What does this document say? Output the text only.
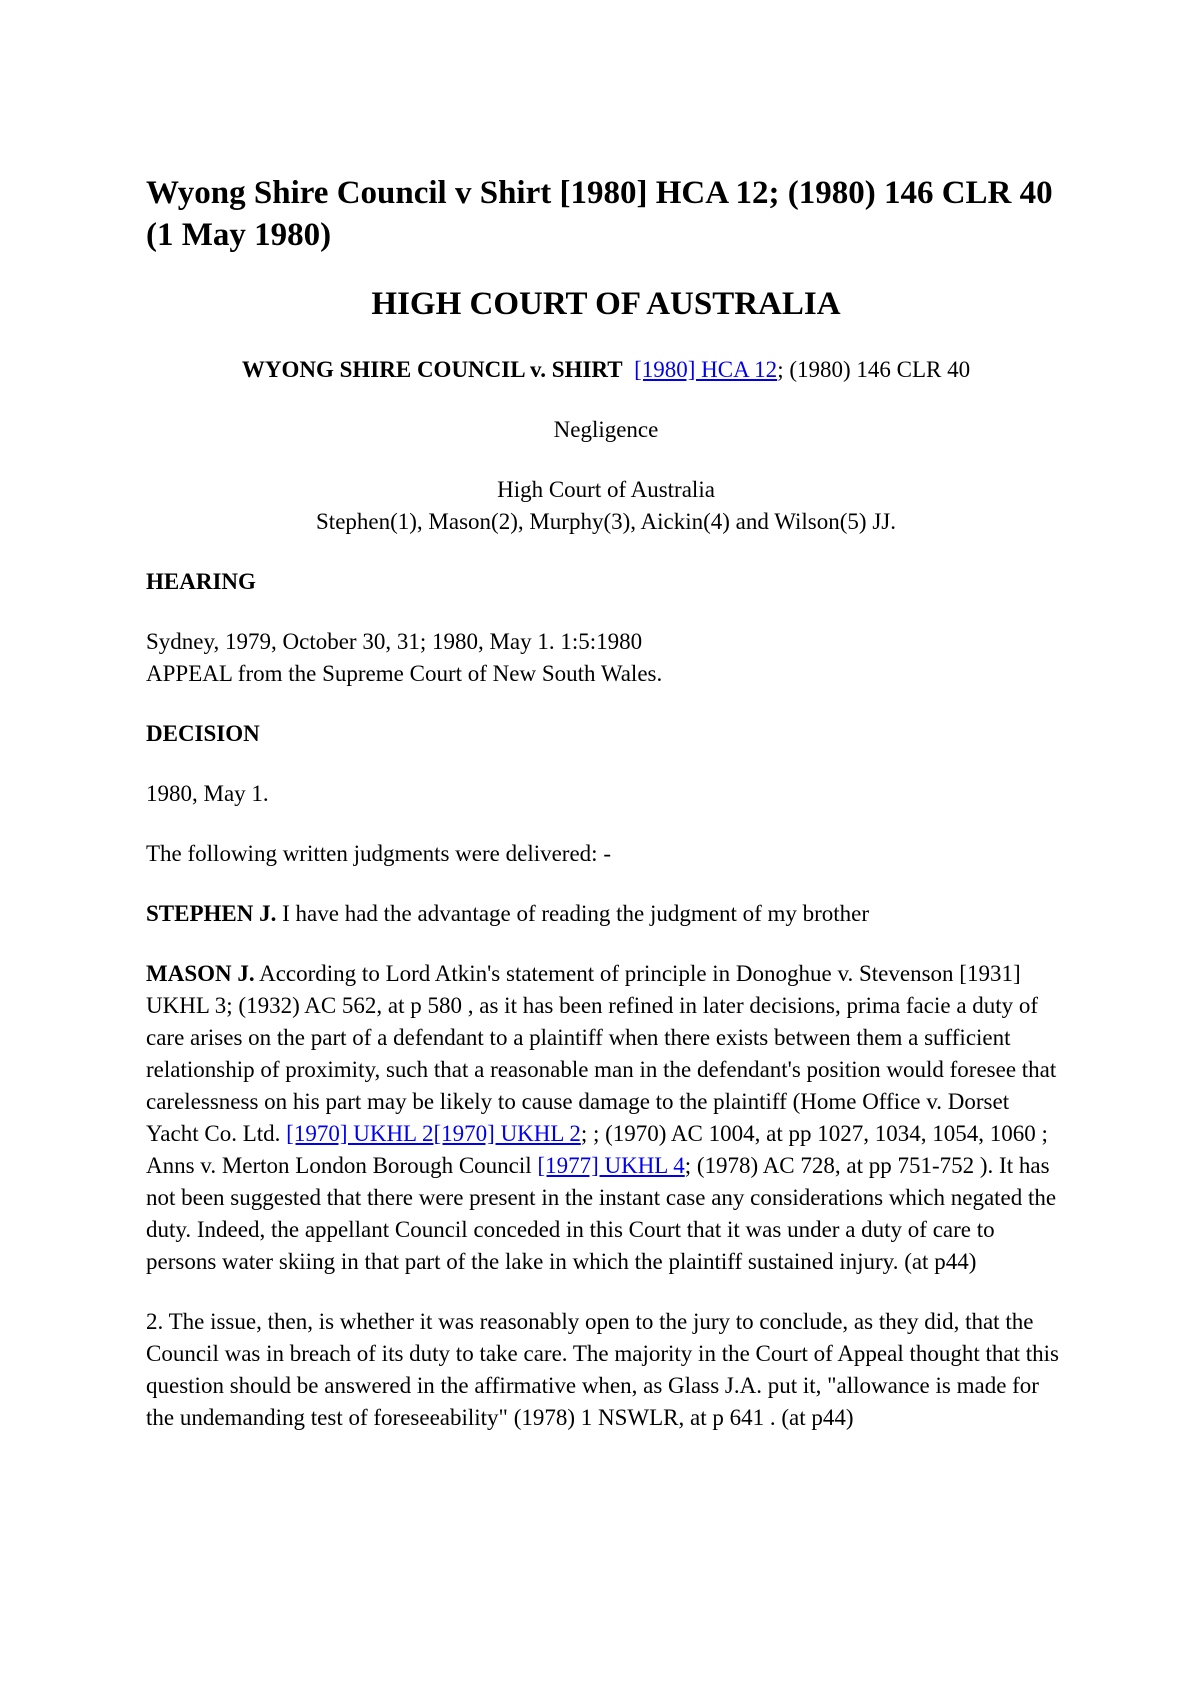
Wyong Shire Council v Shirt [1980] HCA 12; (1980) 146 CLR 40 (1 May 1980)
HIGH COURT OF AUSTRALIA

WYONG SHIRE COUNCIL v. SHIRT [1980] HCA 12; (1980) 146 CLR 40

Negligence

High Court of Australia
Stephen(1), Mason(2), Murphy(3), Aickin(4) and Wilson(5) JJ.

HEARING

Sydney, 1979, October 30, 31; 1980, May 1. 1:5:1980
APPEAL from the Supreme Court of New South Wales.

DECISION

1980, May 1.

The following written judgments were delivered: -

STEPHEN J. I have had the advantage of reading the judgment of my brother

MASON J. According to Lord Atkin's statement of principle in Donoghue v. Stevenson [1931] UKHL 3; (1932) AC 562, at p 580 , as it has been refined in later decisions, prima facie a duty of care arises on the part of a defendant to a plaintiff when there exists between them a sufficient relationship of proximity, such that a reasonable man in the defendant's position would foresee that carelessness on his part may be likely to cause damage to the plaintiff (Home Office v. Dorset Yacht Co. Ltd. [1970] UKHL 2[1970] UKHL 2; ; (1970) AC 1004, at pp 1027, 1034, 1054, 1060 ; Anns v. Merton London Borough Council [1977] UKHL 4; (1978) AC 728, at pp 751-752 ). It has not been suggested that there were present in the instant case any considerations which negated the duty. Indeed, the appellant Council conceded in this Court that it was under a duty of care to persons water skiing in that part of the lake in which the plaintiff sustained injury. (at p44)

2. The issue, then, is whether it was reasonably open to the jury to conclude, as they did, that the Council was in breach of its duty to take care. The majority in the Court of Appeal thought that this question should be answered in the affirmative when, as Glass J.A. put it, "allowance is made for the undemanding test of foreseeability" (1978) 1 NSWLR, at p 641 . (at p44)
